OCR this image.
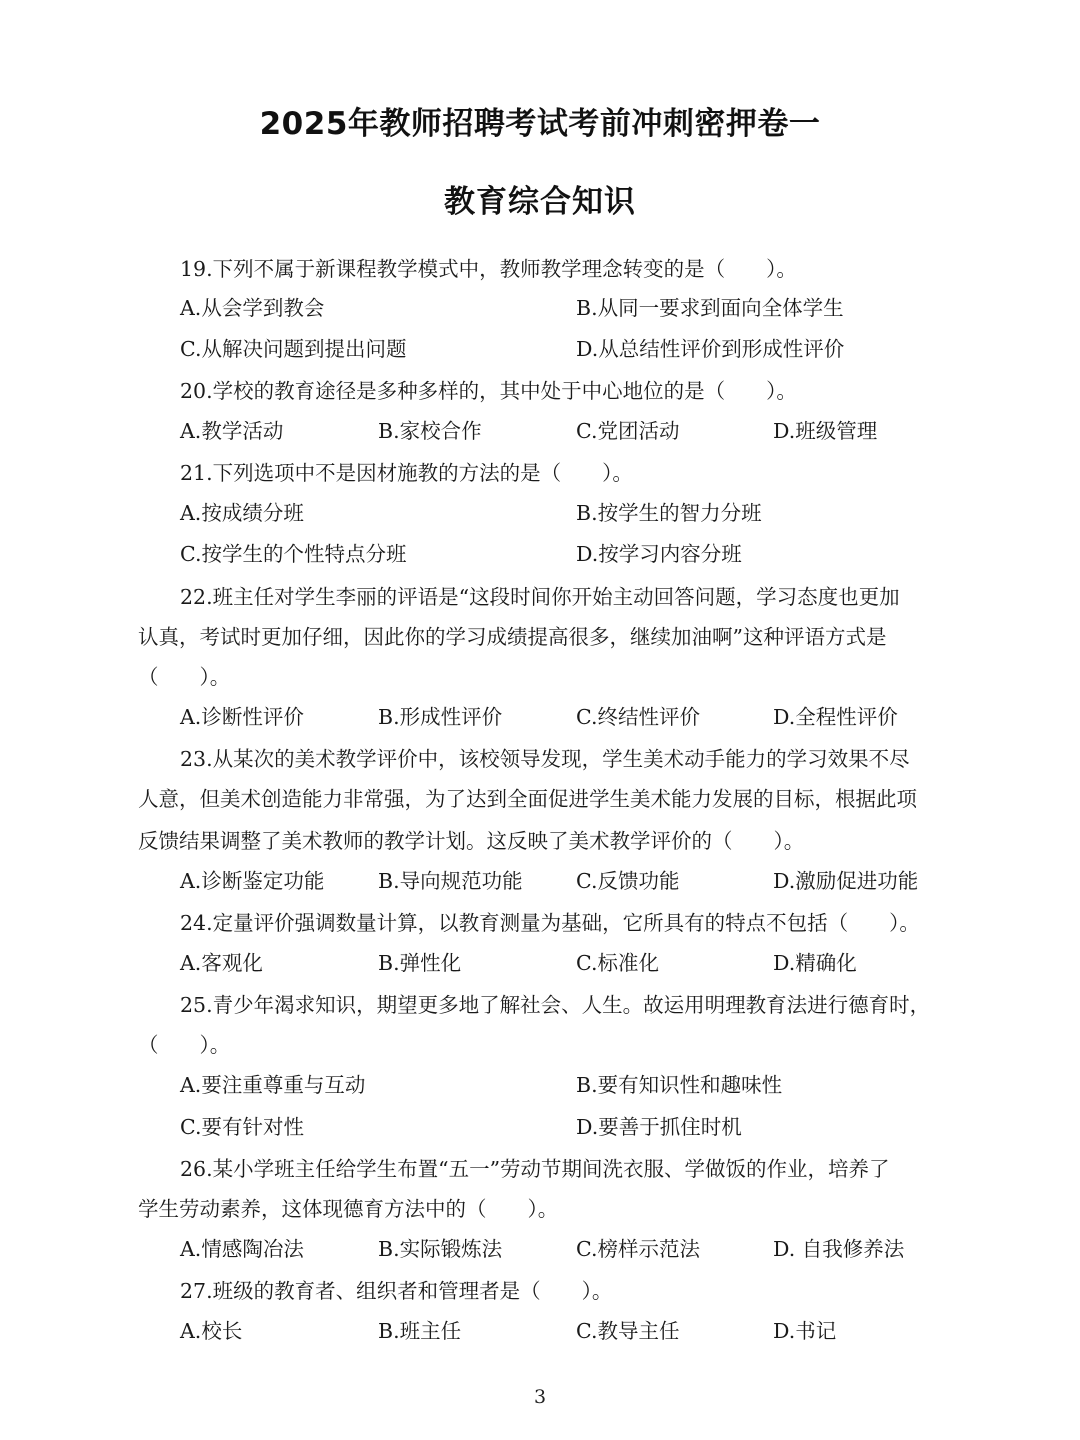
2025年教师招聘考试考前冲刺密押卷一
教育综合知识
19.下列不属于新课程教学模式中，教师教学理念转变的是（　　）。
A.从会学到教会	B.从同一要求到面向全体学生
C.从解决问题到提出问题	D.从总结性评价到形成性评价
20.学校的教育途径是多种多样的，其中处于中心地位的是（　　）。
A.教学活动	B.家校合作	C.党团活动	D.班级管理
21.下列选项中不是因材施教的方法的是（　　）。
A.按成绩分班	B.按学生的智力分班
C.按学生的个性特点分班	D.按学习内容分班
22.班主任对学生李丽的评语是“这段时间你开始主动回答问题，学习态度也更加
认真，考试时更加仔细，因此你的学习成绩提高很多，继续加油啊”这种评语方式是
（　　）。
A.诊断性评价	B.形成性评价	C.终结性评价	D.全程性评价
23.从某次的美术教学评价中，该校领导发现，学生美术动手能力的学习效果不尽
人意，但美术创造能力非常强，为了达到全面促进学生美术能力发展的目标，根据此项
反馈结果调整了美术教师的教学计划。这反映了美术教学评价的（　　）。
A.诊断鉴定功能	B.导向规范功能	C.反馈功能	D.激励促进功能
24.定量评价强调数量计算，以教育测量为基础，它所具有的特点不包括（　　）。
A.客观化	B.弹性化	C.标准化	D.精确化
25.青少年渴求知识，期望更多地了解社会、人生。故运用明理教育法进行德育时，
（　　）。
A.要注重尊重与互动	B.要有知识性和趣味性
C.要有针对性	D.要善于抓住时机
26.某小学班主任给学生布置“五一”劳动节期间洗衣服、学做饭的作业，培养了
学生劳动素养，这体现德育方法中的（　　）。
A.情感陶冶法	B.实际锻炼法	C.榜样示范法	D. 自我修养法
27.班级的教育者、组织者和管理者是（　　）。
A.校长	B.班主任	C.教导主任	D.书记
3
